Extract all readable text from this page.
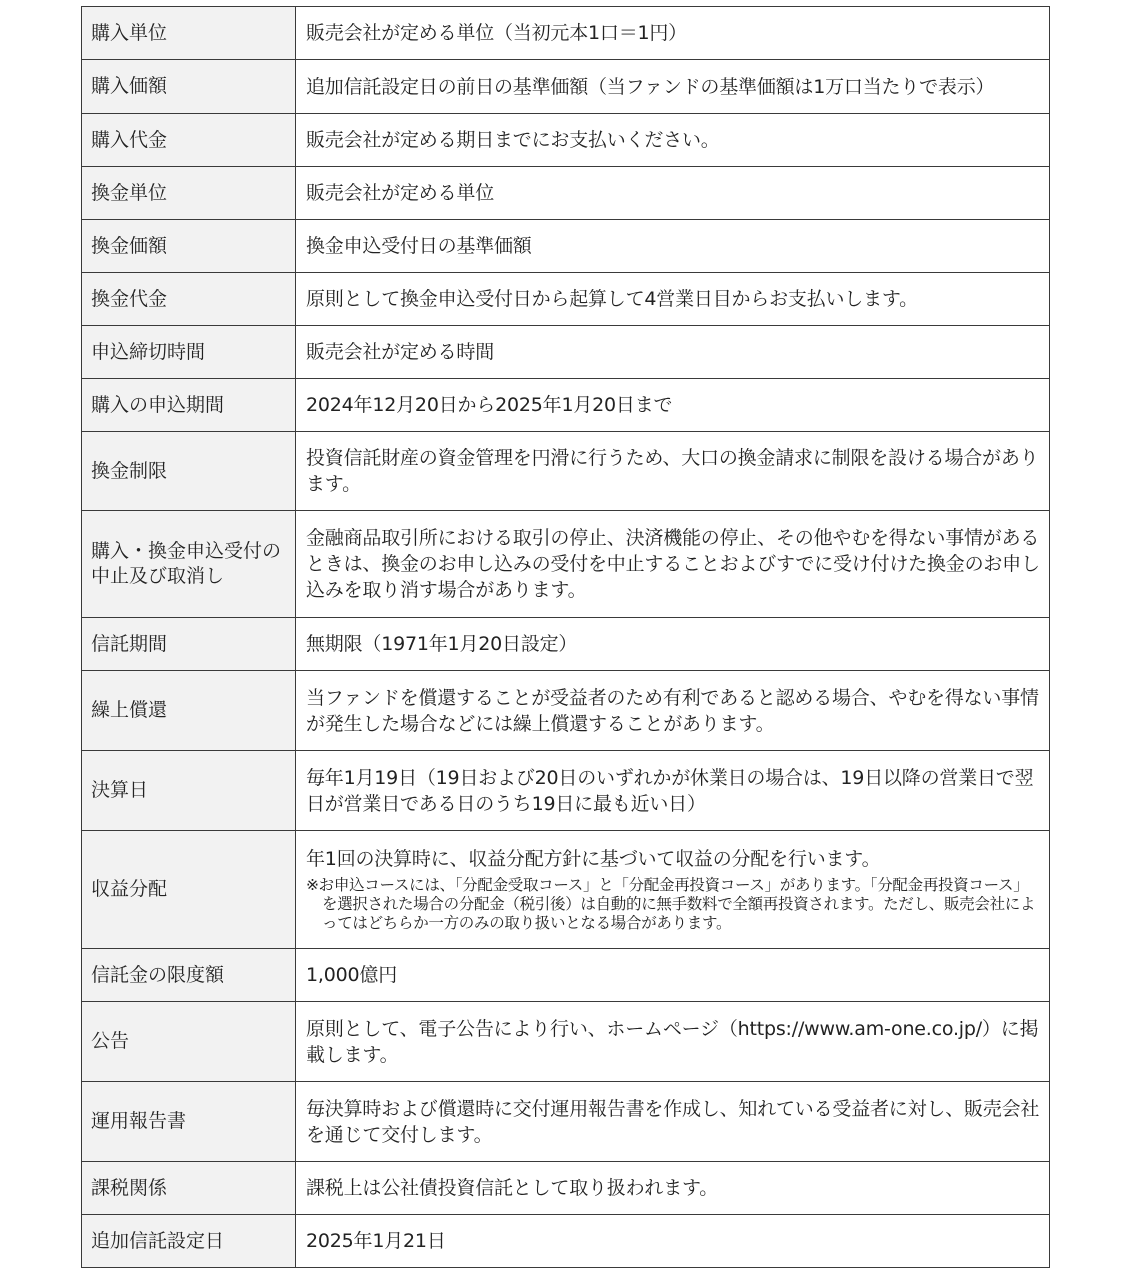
購入単位	販売会社が定める単位（当初元本1口＝1円）
購入価額	追加信託設定日の前日の基準価額（当ファンドの基準価額は1万口当たりで表示）
購入代金	販売会社が定める期日までにお支払いください。
換金単位	販売会社が定める単位
換金価額	換金申込受付日の基準価額
換金代金	原則として換金申込受付日から起算して4営業日目からお支払いします。
申込締切時間	販売会社が定める時間
購入の申込期間	2024年12月20日から2025年1月20日まで
換金制限	投資信託財産の資金管理を円滑に行うため、大口の換金請求に制限を設ける場合があります。
購入・換金申込受付の中止及び取消し	金融商品取引所における取引の停止、決済機能の停止、その他やむを得ない事情があるときは、換金のお申し込みの受付を中止することおよびすでに受け付けた換金のお申し込みを取り消す場合があります。
信託期間	無期限（1971年1月20日設定）
繰上償還	当ファンドを償還することが受益者のため有利であると認める場合、やむを得ない事情が発生した場合などには繰上償還することがあります。
決算日	毎年1月19日（19日および20日のいずれかが休業日の場合は、19日以降の営業日で翌日が営業日である日のうち19日に最も近い日）
収益分配	年1回の決算時に、収益分配方針に基づいて収益の分配を行います。
※お申込コースには、「分配金受取コース」と「分配金再投資コース」があります。「分配金再投資コース」を選択された場合の分配金（税引後）は自動的に無手数料で全額再投資されます。ただし、販売会社によってはどちらか一方のみの取り扱いとなる場合があります。

信託金の限度額	1,000億円
公告	原則として、電子公告により行い、ホームページ（https://www.am-one.co.jp/）に掲載します。
運用報告書	毎決算時および償還時に交付運用報告書を作成し、知れている受益者に対し、販売会社を通じて交付します。
課税関係	課税上は公社債投資信託として取り扱われます。
追加信託設定日	2025年1月21日
